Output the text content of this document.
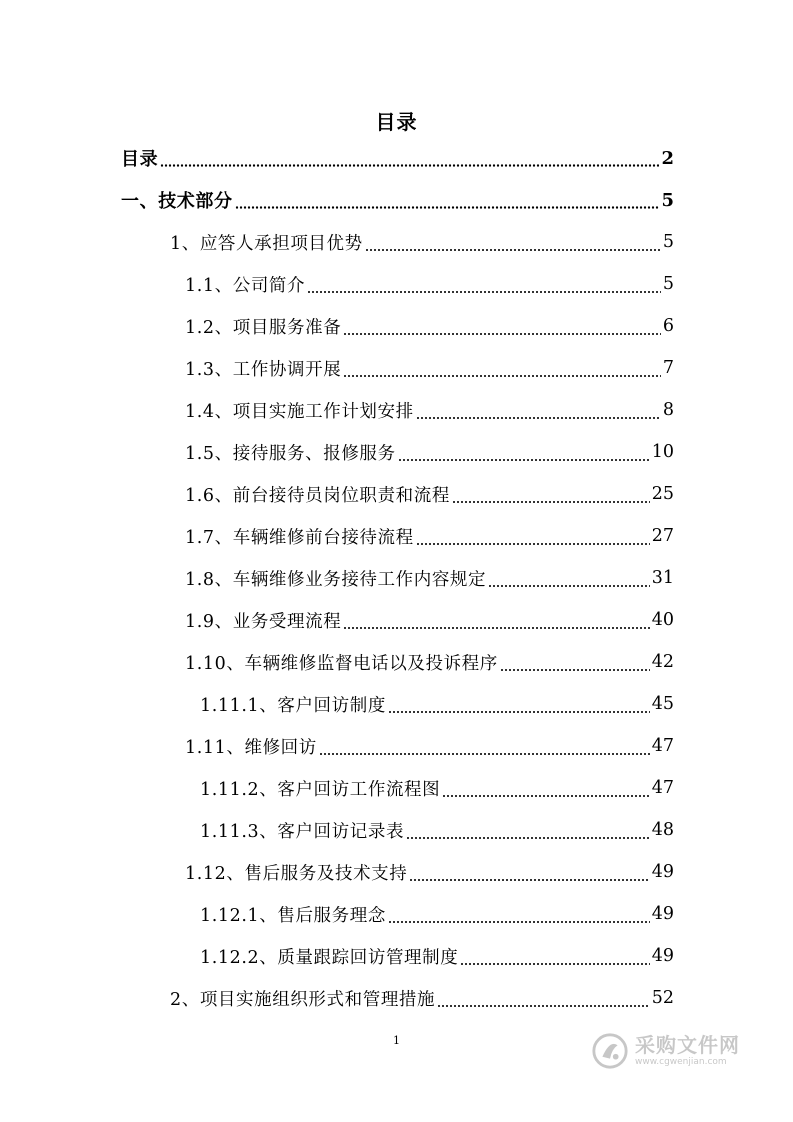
目录
目录	2
一、技术部分	5
1、应答人承担项目优势	5
1.1、公司简介	5
1.2、项目服务准备	6
1.3、工作协调开展	7
1.4、项目实施工作计划安排	8
1.5、接待服务、报修服务	10
1.6、前台接待员岗位职责和流程	25
1.7、车辆维修前台接待流程	27
1.8、车辆维修业务接待工作内容规定	31
1.9、业务受理流程	40
1.10、车辆维修监督电话以及投诉程序	42
1.11.1、客户回访制度	45
1.11、维修回访	47
1.11.2、客户回访工作流程图	47
1.11.3、客户回访记录表	48
1.12、售后服务及技术支持	49
1.12.1、售后服务理念	49
1.12.2、质量跟踪回访管理制度	49
2、项目实施组织形式和管理措施	52
1	采购文件网
www.cgwenjian.com
